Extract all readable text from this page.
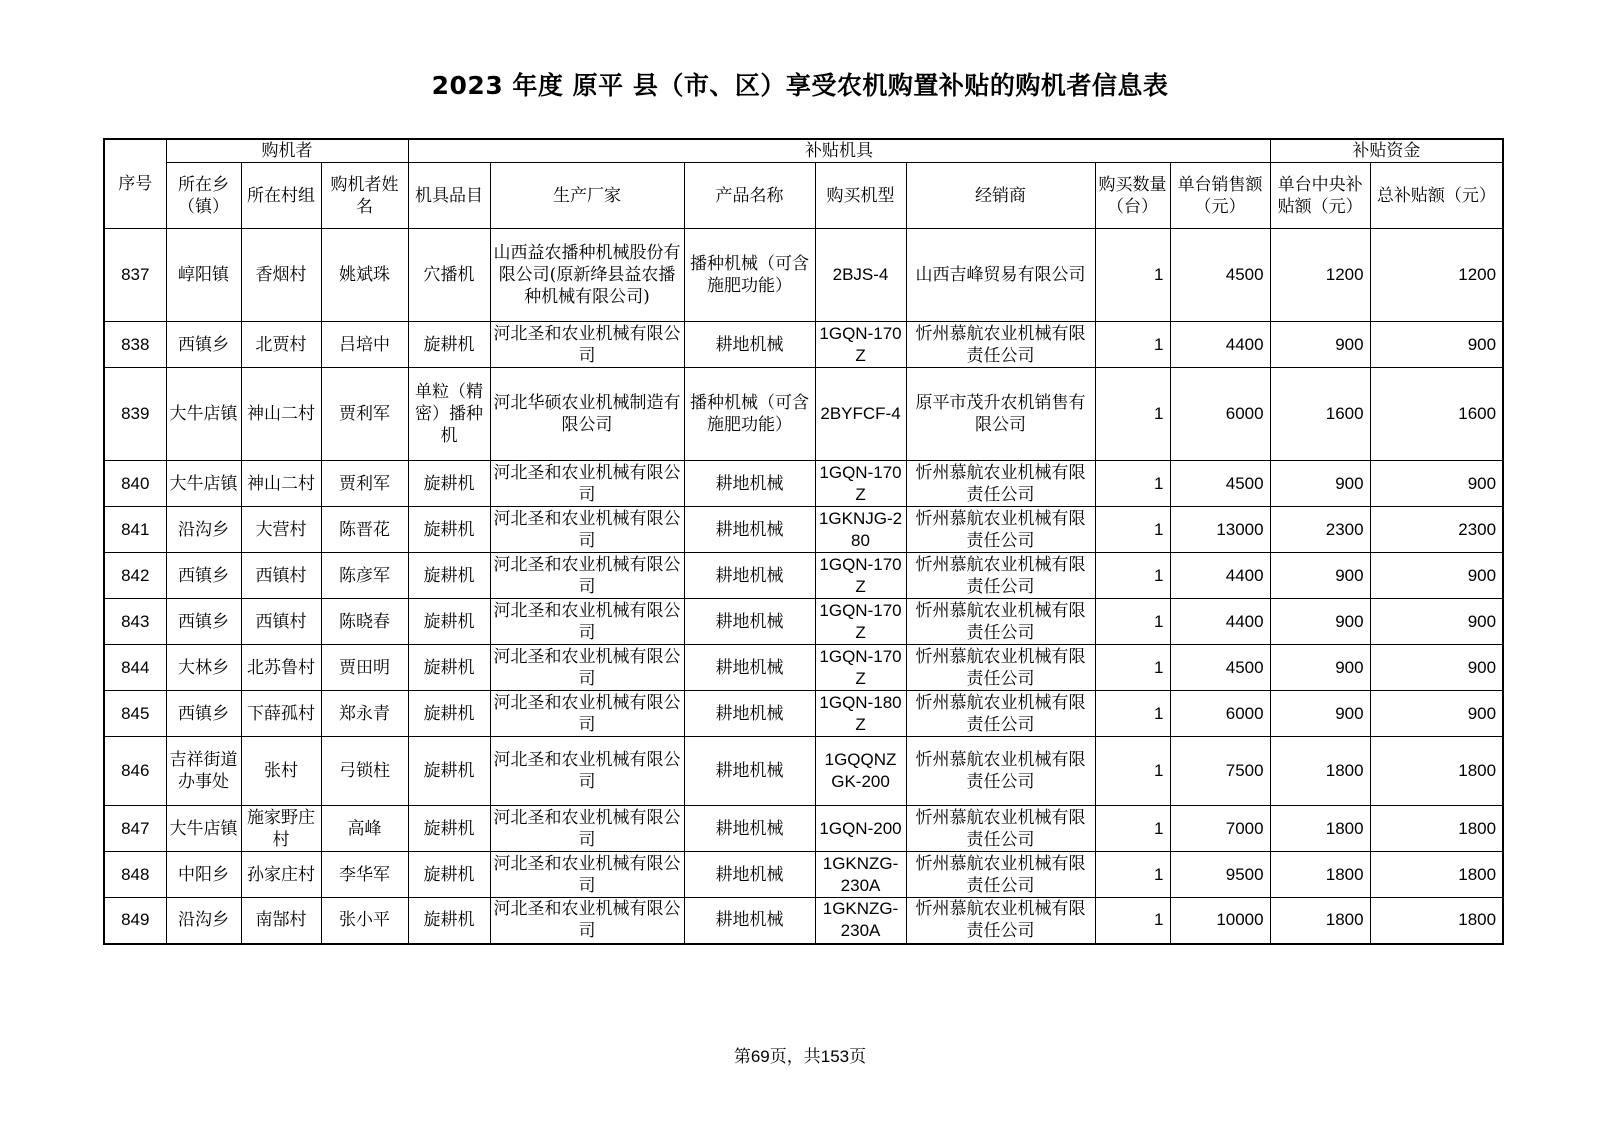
2023 年度 原平 县（市、区）享受农机购置补贴的购机者信息表
序号	购机者			补贴机具							补贴资金	
	所在乡（镇）	所在村组	购机者姓名	机具品目	生产厂家	产品名称	购买机型	经销商	购买数量（台）	单台销售额（元）	单台中央补贴额（元）	总补贴额（元）
837	崞阳镇	香烟村	姚斌珠	穴播机	山西益农播种机械股份有限公司(原新绛县益农播种机械有限公司)	播种机械（可含施肥功能）	2BJS-4	山西吉峰贸易有限公司	1	4500	1200	1200
838	西镇乡	北贾村	吕培中	旋耕机	河北圣和农业机械有限公司	耕地机械	1GQN-170Z	忻州慕航农业机械有限责任公司	1	4400	900	900
839	大牛店镇	神山二村	贾利军	单粒（精密）播种机	河北华硕农业机械制造有限公司	播种机械（可含施肥功能）	2BYFCF-4	原平市茂升农机销售有限公司	1	6000	1600	1600
840	大牛店镇	神山二村	贾利军	旋耕机	河北圣和农业机械有限公司	耕地机械	1GQN-170Z	忻州慕航农业机械有限责任公司	1	4500	900	900
841	沿沟乡	大营村	陈晋花	旋耕机	河北圣和农业机械有限公司	耕地机械	1GKNJG-280	忻州慕航农业机械有限责任公司	1	13000	2300	2300
842	西镇乡	西镇村	陈彦军	旋耕机	河北圣和农业机械有限公司	耕地机械	1GQN-170Z	忻州慕航农业机械有限责任公司	1	4400	900	900
843	西镇乡	西镇村	陈晓春	旋耕机	河北圣和农业机械有限公司	耕地机械	1GQN-170Z	忻州慕航农业机械有限责任公司	1	4400	900	900
844	大林乡	北苏鲁村	贾田明	旋耕机	河北圣和农业机械有限公司	耕地机械	1GQN-170Z	忻州慕航农业机械有限责任公司	1	4500	900	900
845	西镇乡	下薛孤村	郑永青	旋耕机	河北圣和农业机械有限公司	耕地机械	1GQN-180Z	忻州慕航农业机械有限责任公司	1	6000	900	900
846	吉祥街道办事处	张村	弓锁柱	旋耕机	河北圣和农业机械有限公司	耕地机械	1GQQNZGK-200	忻州慕航农业机械有限责任公司	1	7500	1800	1800
847	大牛店镇	施家野庄村	高峰	旋耕机	河北圣和农业机械有限公司	耕地机械	1GQN-200	忻州慕航农业机械有限责任公司	1	7000	1800	1800
848	中阳乡	孙家庄村	李华军	旋耕机	河北圣和农业机械有限公司	耕地机械	1GKNZG-230A	忻州慕航农业机械有限责任公司	1	9500	1800	1800
849	沿沟乡	南郜村	张小平	旋耕机	河北圣和农业机械有限公司	耕地机械	1GKNZG-230A	忻州慕航农业机械有限责任公司	1	10000	1800	1800
第69页，共153页
